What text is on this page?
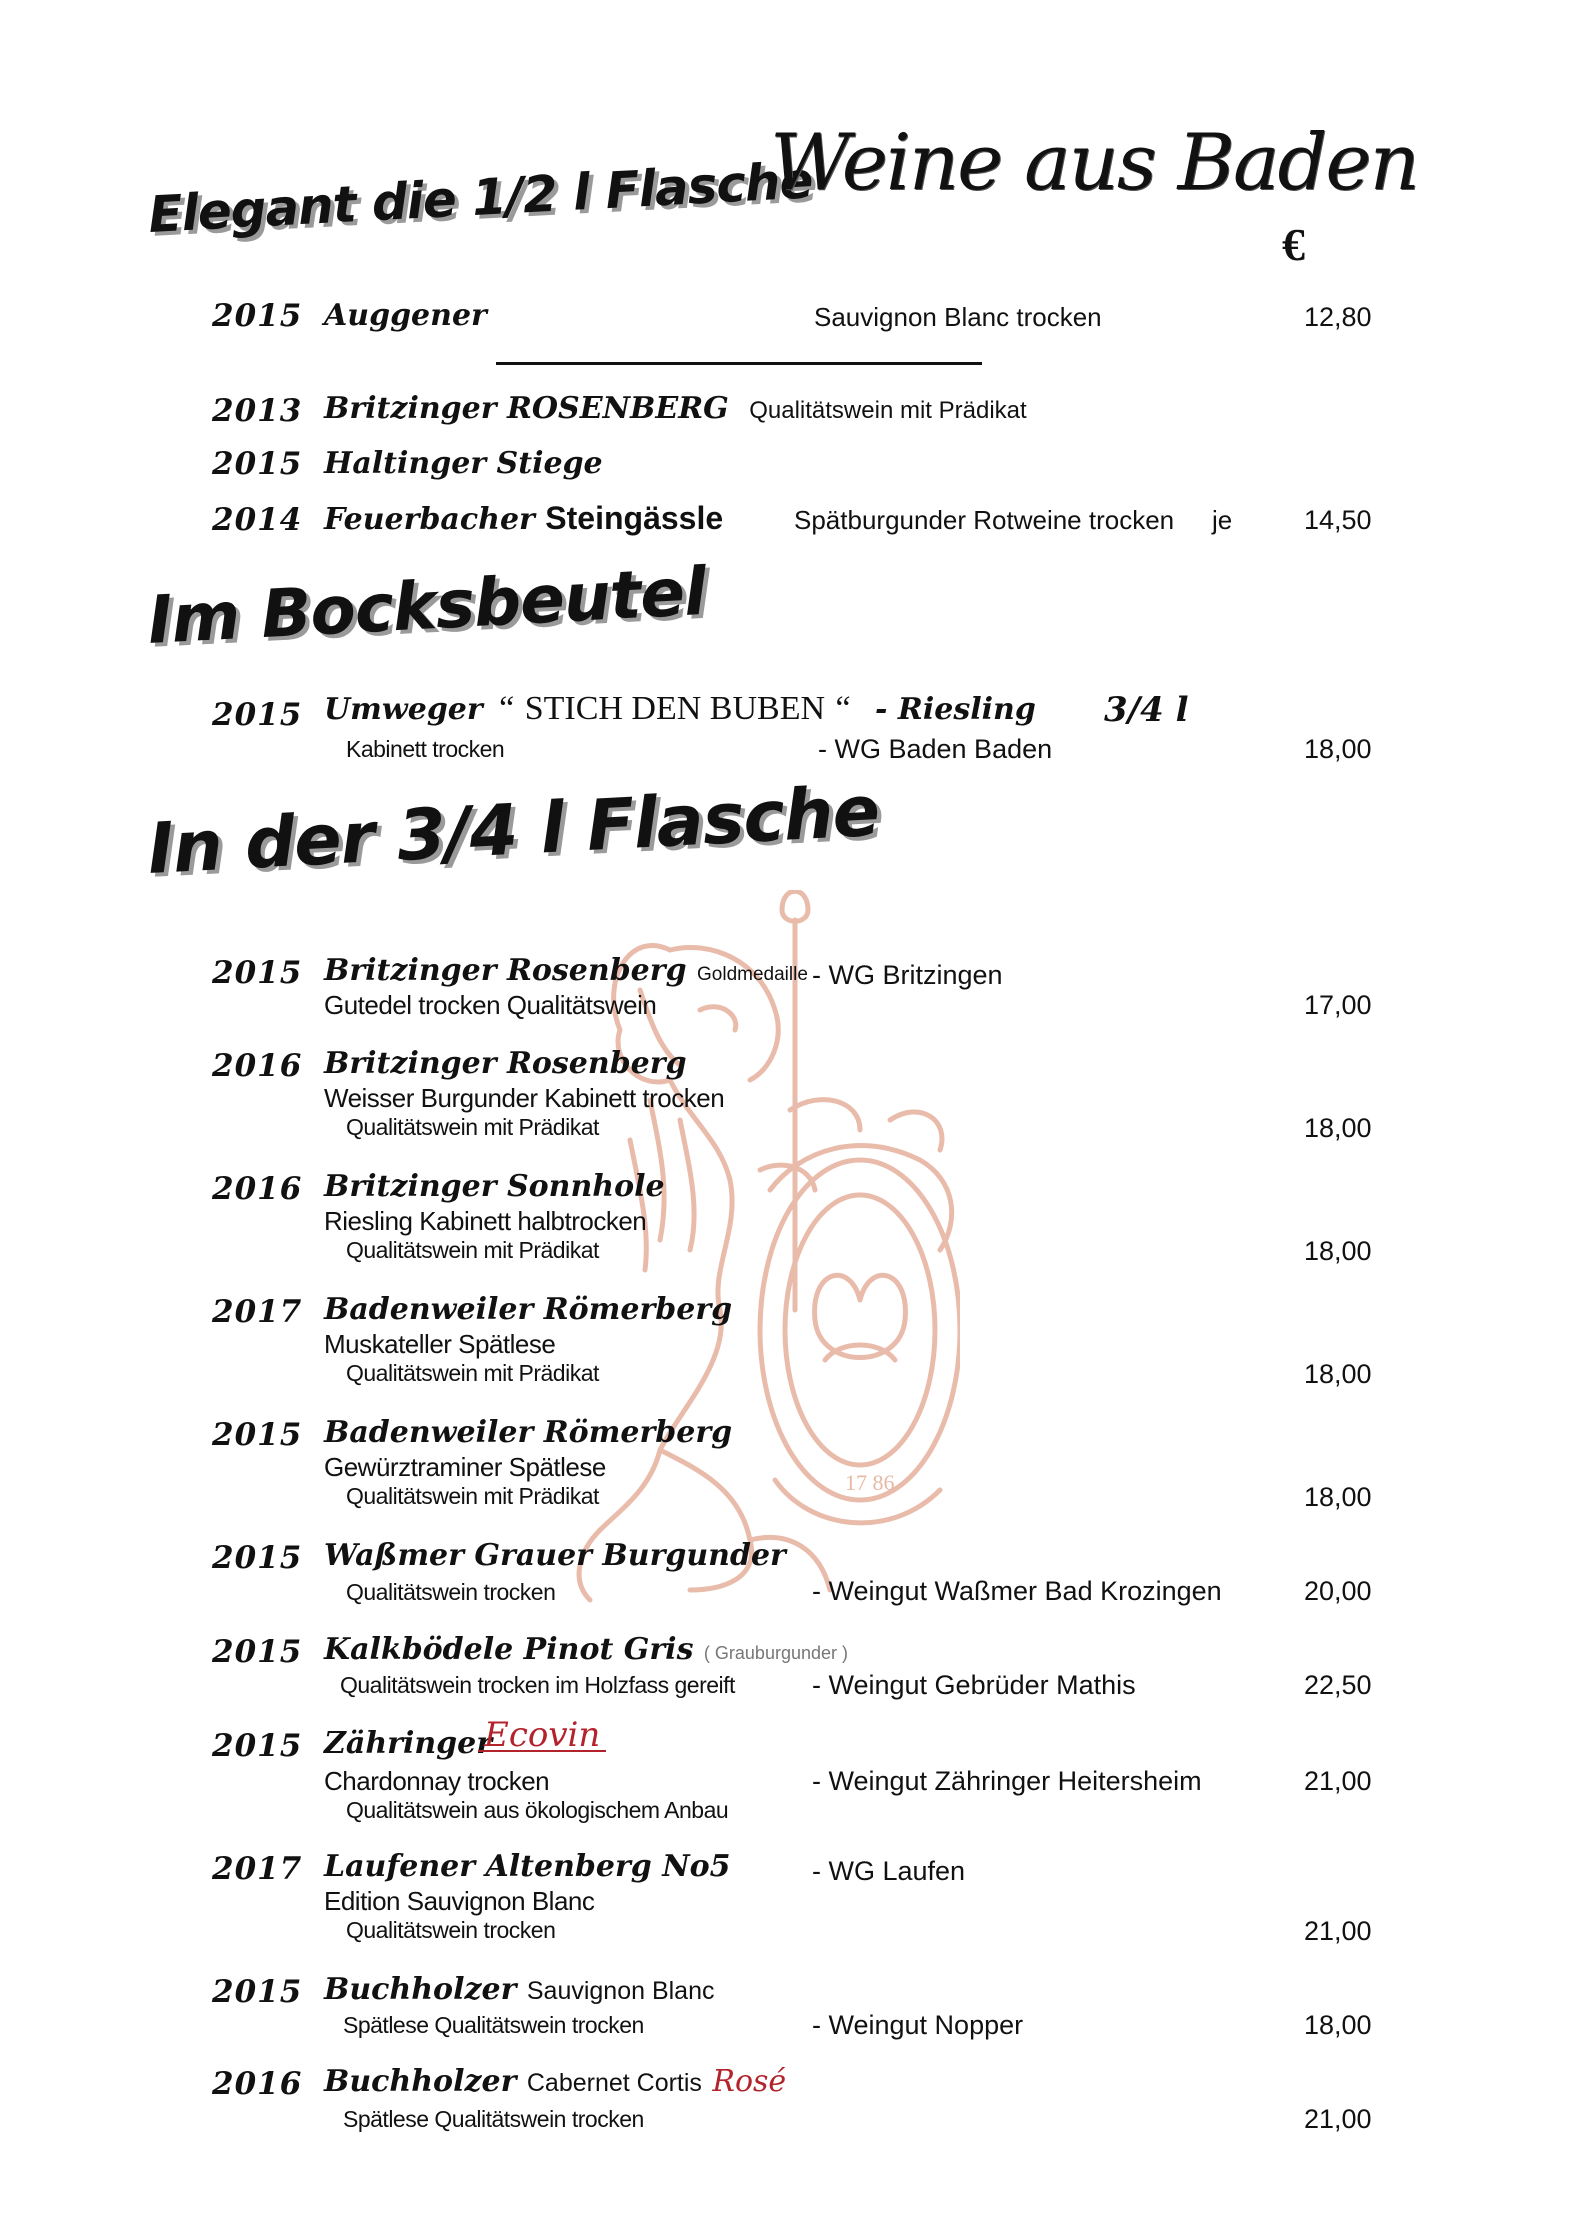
17 86
Elegant die 1/2 l Flasche
Weine aus Baden
€
2015 Auggener	Sauvignon Blanc trocken	12,80
2013 Britzinger ROSENBERG Qualitätswein mit Prädikat
2015 Haltinger Stiege
2014 Feuerbacher Steingässle	Spätburgunder Rotweine trocken je	14,50
Im Bocksbeutel
2015 Umweger “ STICH DEN BUBEN “ - Riesling 3/4 l
Kabinett trocken	- WG Baden Baden	18,00
In der 3/4 l Flasche
2015 Britzinger Rosenberg Goldmedaille - WG Britzingen
Gutedel trocken Qualitätswein	17,00
2016 Britzinger Rosenberg
Weisser Burgunder Kabinett trocken
Qualitätswein mit Prädikat	18,00
2016 Britzinger Sonnhole
Riesling Kabinett halbtrocken
Qualitätswein mit Prädikat	18,00
2017 Badenweiler Römerberg
Muskateller Spätlese
Qualitätswein mit Prädikat	18,00
2015 Badenweiler Römerberg
Gewürztraminer Spätlese
Qualitätswein mit Prädikat	18,00
2015 Waßmer Grauer Burgunder
Qualitätswein trocken	- Weingut Waßmer Bad Krozingen	20,00
2015 Kalkbödele Pinot Gris ( Grauburgunder )
Qualitätswein trocken im Holzfass gereift	- Weingut Gebrüder Mathis	22,50
2015 Zähringer
Ecovin
Chardonnay trocken	- Weingut Zähringer Heitersheim	21,00
Qualitätswein aus ökologischem Anbau
2017 Laufener Altenberg No5	- WG Laufen
Edition Sauvignon Blanc
Qualitätswein trocken	21,00
2015 Buchholzer Sauvignon Blanc
Spätlese Qualitätswein trocken	- Weingut Nopper	18,00
2016 Buchholzer Cabernet Cortis Rosé
Spätlese Qualitätswein trocken	21,00
